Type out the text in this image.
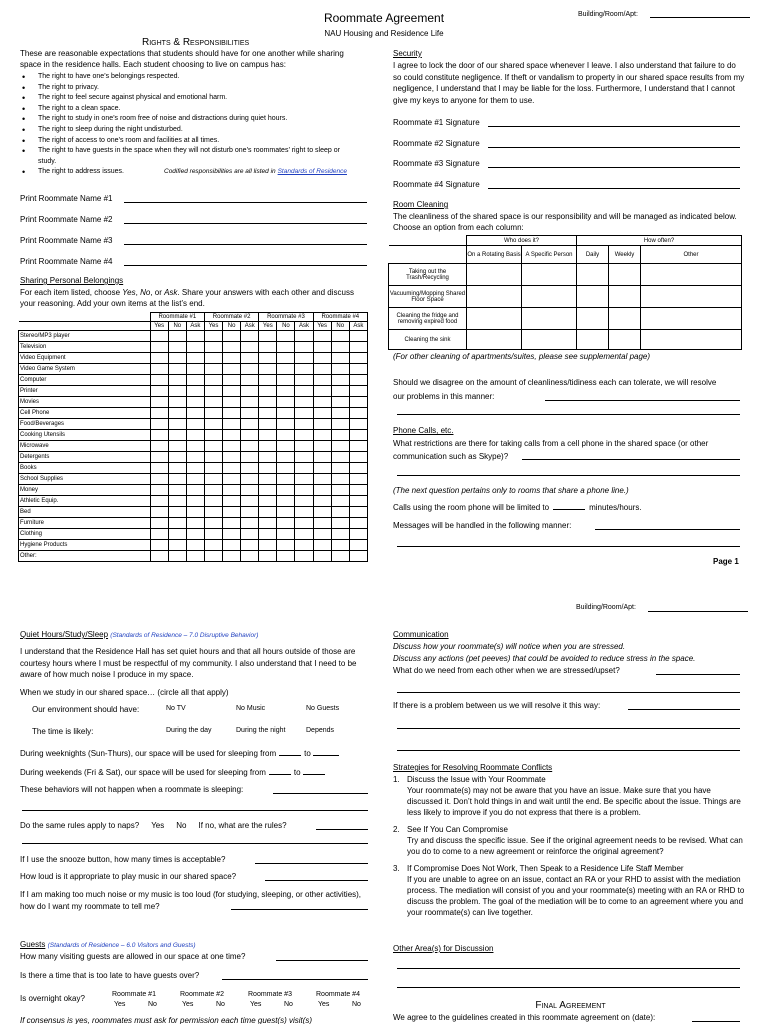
Roommate Agreement
NAU Housing and Residence Life
Building/Room/Apt:
Rights & Responsibilities
These are reasonable expectations that students should have for one another while sharing space in the residence halls. Each student choosing to live on campus has:
• The right to have one’s belongings respected.
• The right to privacy.
• The right to feel secure against physical and emotional harm.
• The right to a clean space.
• The right to study in one’s room free of noise and distractions during quiet hours.
• The right to sleep during the night undisturbed.
• The right of access to one’s room and facilities at all times.
• The right to have guests in the space when they will not disturb one’s roommates’ right to sleep or study.
• The right to address issues.	Codified responsibilities are all listed in Standards of Residence
Print Roommate Name #1
Print Roommate Name #2
Print Roommate Name #3
Print Roommate Name #4
Sharing Personal Belongings
For each item listed, choose Yes, No, or Ask. Share your answers with each other and discuss your reasoning. Add your own items at the list’s end.
	Roommate #1			Roommate #2			Roommate #3			Roommate #4		
	Yes	No	Ask	Yes	No	Ask	Yes	No	Ask	Yes	No	Ask
Stereo/MP3 player												
Television												
Video Equipment												
Video Game System												
Computer												
Printer												
Movies												
Cell Phone												
Food/Beverages												
Cooking Utensils												
Microwave												
Detergents												
Books												
School Supplies												
Money												
Athletic Equip.												
Bed												
Furniture												
Clothing												
Hygiene Products												
Other:												
Security
I agree to lock the door of our shared space whenever I leave. I also understand that failure to do so could constitute negligence. If theft or vandalism to property in our shared space results from my negligence, I understand that I may be liable for the loss. Furthermore, I understand that I cannot give my keys to anyone for them to use.
Roommate #1 Signature
Roommate #2 Signature
Roommate #3 Signature
Roommate #4 Signature
Room Cleaning
The cleanliness of the shared space is our responsibility and will be managed as indicated below. Choose an option from each column:
	Who does it?		How often?		
	On a Rotating Basis	A Specific Person	Daily	Weekly	Other
Taking out the Trash/Recycling					
Vacuuming/Mopping Shared Floor Space					
Cleaning the fridge and removing expired food					
Cleaning the sink					
(For other cleaning of apartments/suites, please see supplemental page)
Should we disagree on the amount of cleanliness/tidiness each can tolerate, we will resolve our problems in this manner:
Phone Calls, etc.
What restrictions are there for taking calls from a cell phone in the shared space (or other communication such as Skype)?
(The next question pertains only to rooms that share a phone line.)
Calls using the room phone will be limited to	minutes/hours.
Messages will be handled in the following manner:
Page 1
Building/Room/Apt:
Quiet Hours/Study/Sleep (Standards of Residence – 7.0 Disruptive Behavior)
I understand that the Residence Hall has set quiet hours and that all hours outside of those are courtesy hours where I must be respectful of my community. I also understand that I need to be aware of how much noise I produce in my space.
When we study in our shared space… (circle all that apply)
Our environment should have:	No TV	No Music	No Guests
The time is likely:	During the day	During the night	Depends
During weeknights (Sun-Thurs), our space will be used for sleeping from	to
During weekends (Fri & Sat), our space will be used for sleeping from	to
These behaviors will not happen when a roommate is sleeping:
Do the same rules apply to naps? Yes No If no, what are the rules?
If I use the snooze button, how many times is acceptable?
How loud is it appropriate to play music in our shared space?
If I am making too much noise or my music is too loud (for studying, sleeping, or other activities), how do I want my roommate to tell me?
Guests (Standards of Residence – 6.0 Visitors and Guests)
How many visiting guests are allowed in our space at one time?
Is there a time that is too late to have guests over?
Is overnight okay?	Roommate #1	Roommate #2	Roommate #3	Roommate #4
Yes	No	Yes	No	Yes	No	Yes	No
If consensus is yes, roommates must ask for permission each time guest(s) visit(s)
Communication
Discuss how your roommate(s) will notice when you are stressed.
Discuss any actions (pet peeves) that could be avoided to reduce stress in the space.
What do we need from each other when we are stressed/upset?
If there is a problem between us we will resolve it this way:
Strategies for Resolving Roommate Conflicts
1. Discuss the Issue with Your Roommate
Your roommate(s) may not be aware that you have an issue. Make sure that you have discussed it. Don’t hold things in and wait until the end. Be specific about the issue. Things are less likely to improve if you do not express that there is a problem.
2. See If You Can Compromise
Try and discuss the specific issue. See if the original agreement needs to be revised. What can you do to come to a new agreement or reinforce the original agreement?
3. If Compromise Does Not Work, Then Speak to a Residence Life Staff Member
If you are unable to agree on an issue, contact an RA or your RHD to assist with the mediation process. The mediation will consist of you and your roommate(s) meeting with an RA or RHD to discuss the problem. The goal of the mediation will be to come to an agreement where you and your roommate(s) can live together.
Other Area(s) for Discussion
Final Agreement
We agree to the guidelines created in this roommate agreement on (date):
